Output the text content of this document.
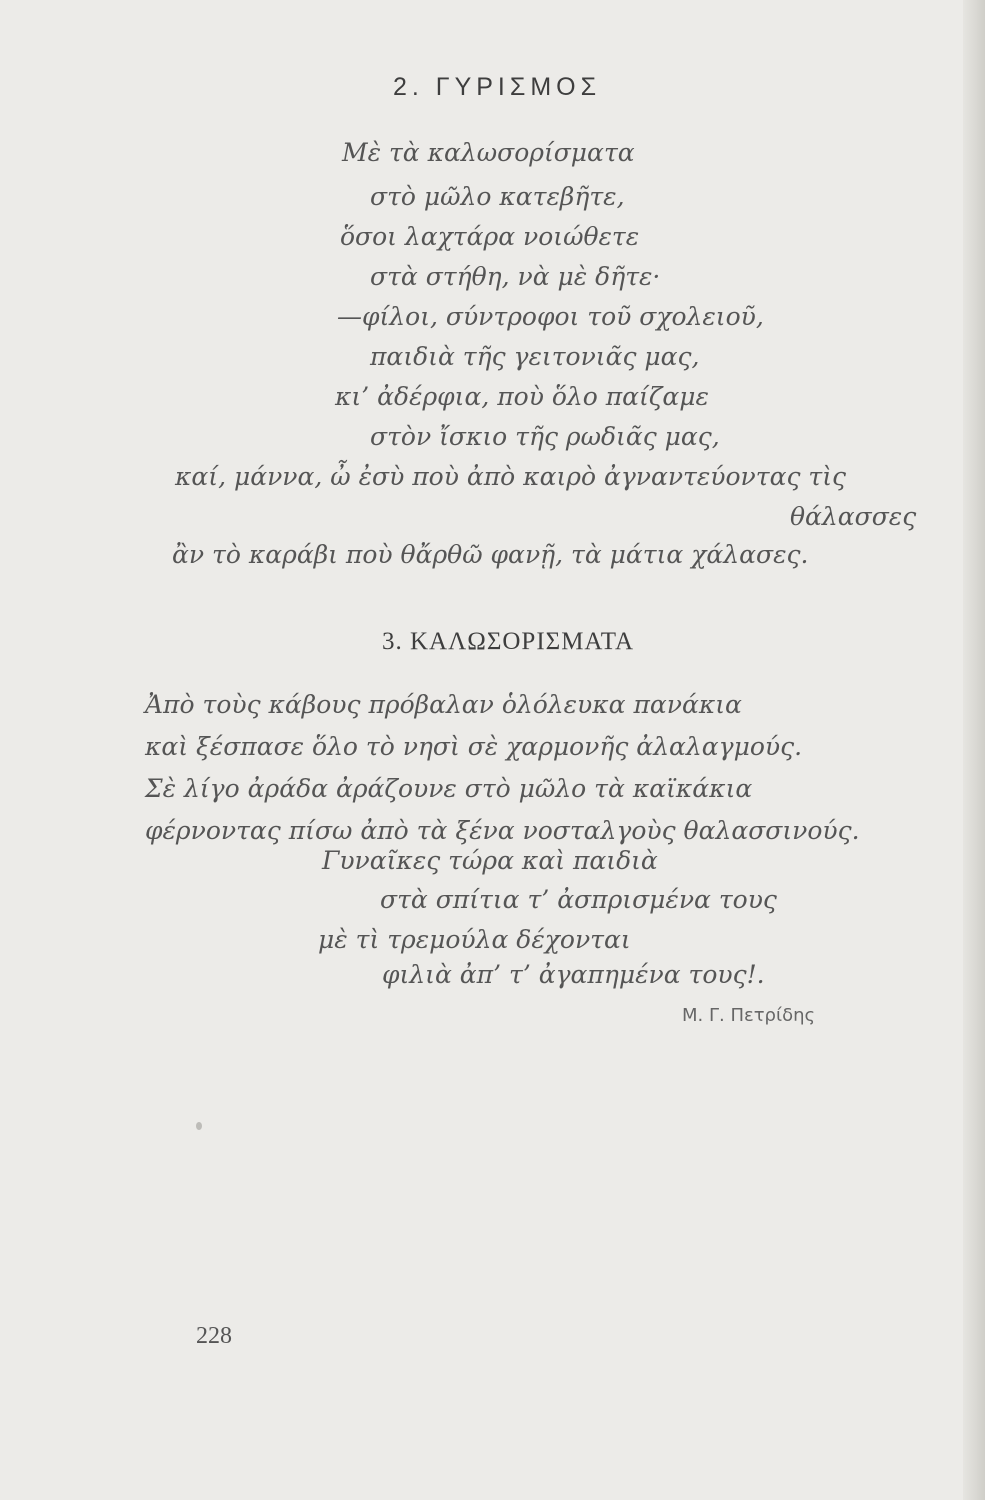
2. ΓΥΡΙΣΜΟΣ
Μὲ τὰ καλωσορίσματα
στὸ μῶλο κατεβῆτε,
ὅσοι λαχτάρα νοιώθετε
στὰ στήθη, νὰ μὲ δῆτε·
—φίλοι, σύντροφοι τοῦ σχολειοῦ,
παιδιὰ τῆς γειτονιᾶς μας,
κι’ ἀδέρφια, ποὺ ὅλο παίζαμε
στὸν ἴσκιο τῆς ρωδιᾶς μας,
καί, μάννα, ὦ ἐσὺ ποὺ ἀπὸ καιρὸ ἀγναντεύοντας τὶς
θάλασσες
ἂν τὸ καράβι ποὺ θἄρθῶ φανῇ, τὰ μάτια χάλασες.
3. ΚΑΛΩΣΟΡΙΣΜΑΤΑ
Ἀπὸ τοὺς κάβους πρόβαλαν ὁλόλευκα πανάκια
καὶ ξέσπασε ὅλο τὸ νησὶ σὲ χαρμονῆς ἀλαλαγμούς.
Σὲ λίγο ἀράδα ἀράζουνε στὸ μῶλο τὰ καϊκάκια
φέρνοντας πίσω ἀπὸ τὰ ξένα νοσταλγοὺς θαλασσινούς.
Γυναῖκες τώρα καὶ παιδιὰ
στὰ σπίτια τ’ ἀσπρισμένα τους
μὲ τὶ τρεμούλα δέχονται
φιλιὰ ἀπ’ τ’ ἀγαπημένα τους!.
Μ. Γ. Πετρίδης
228
